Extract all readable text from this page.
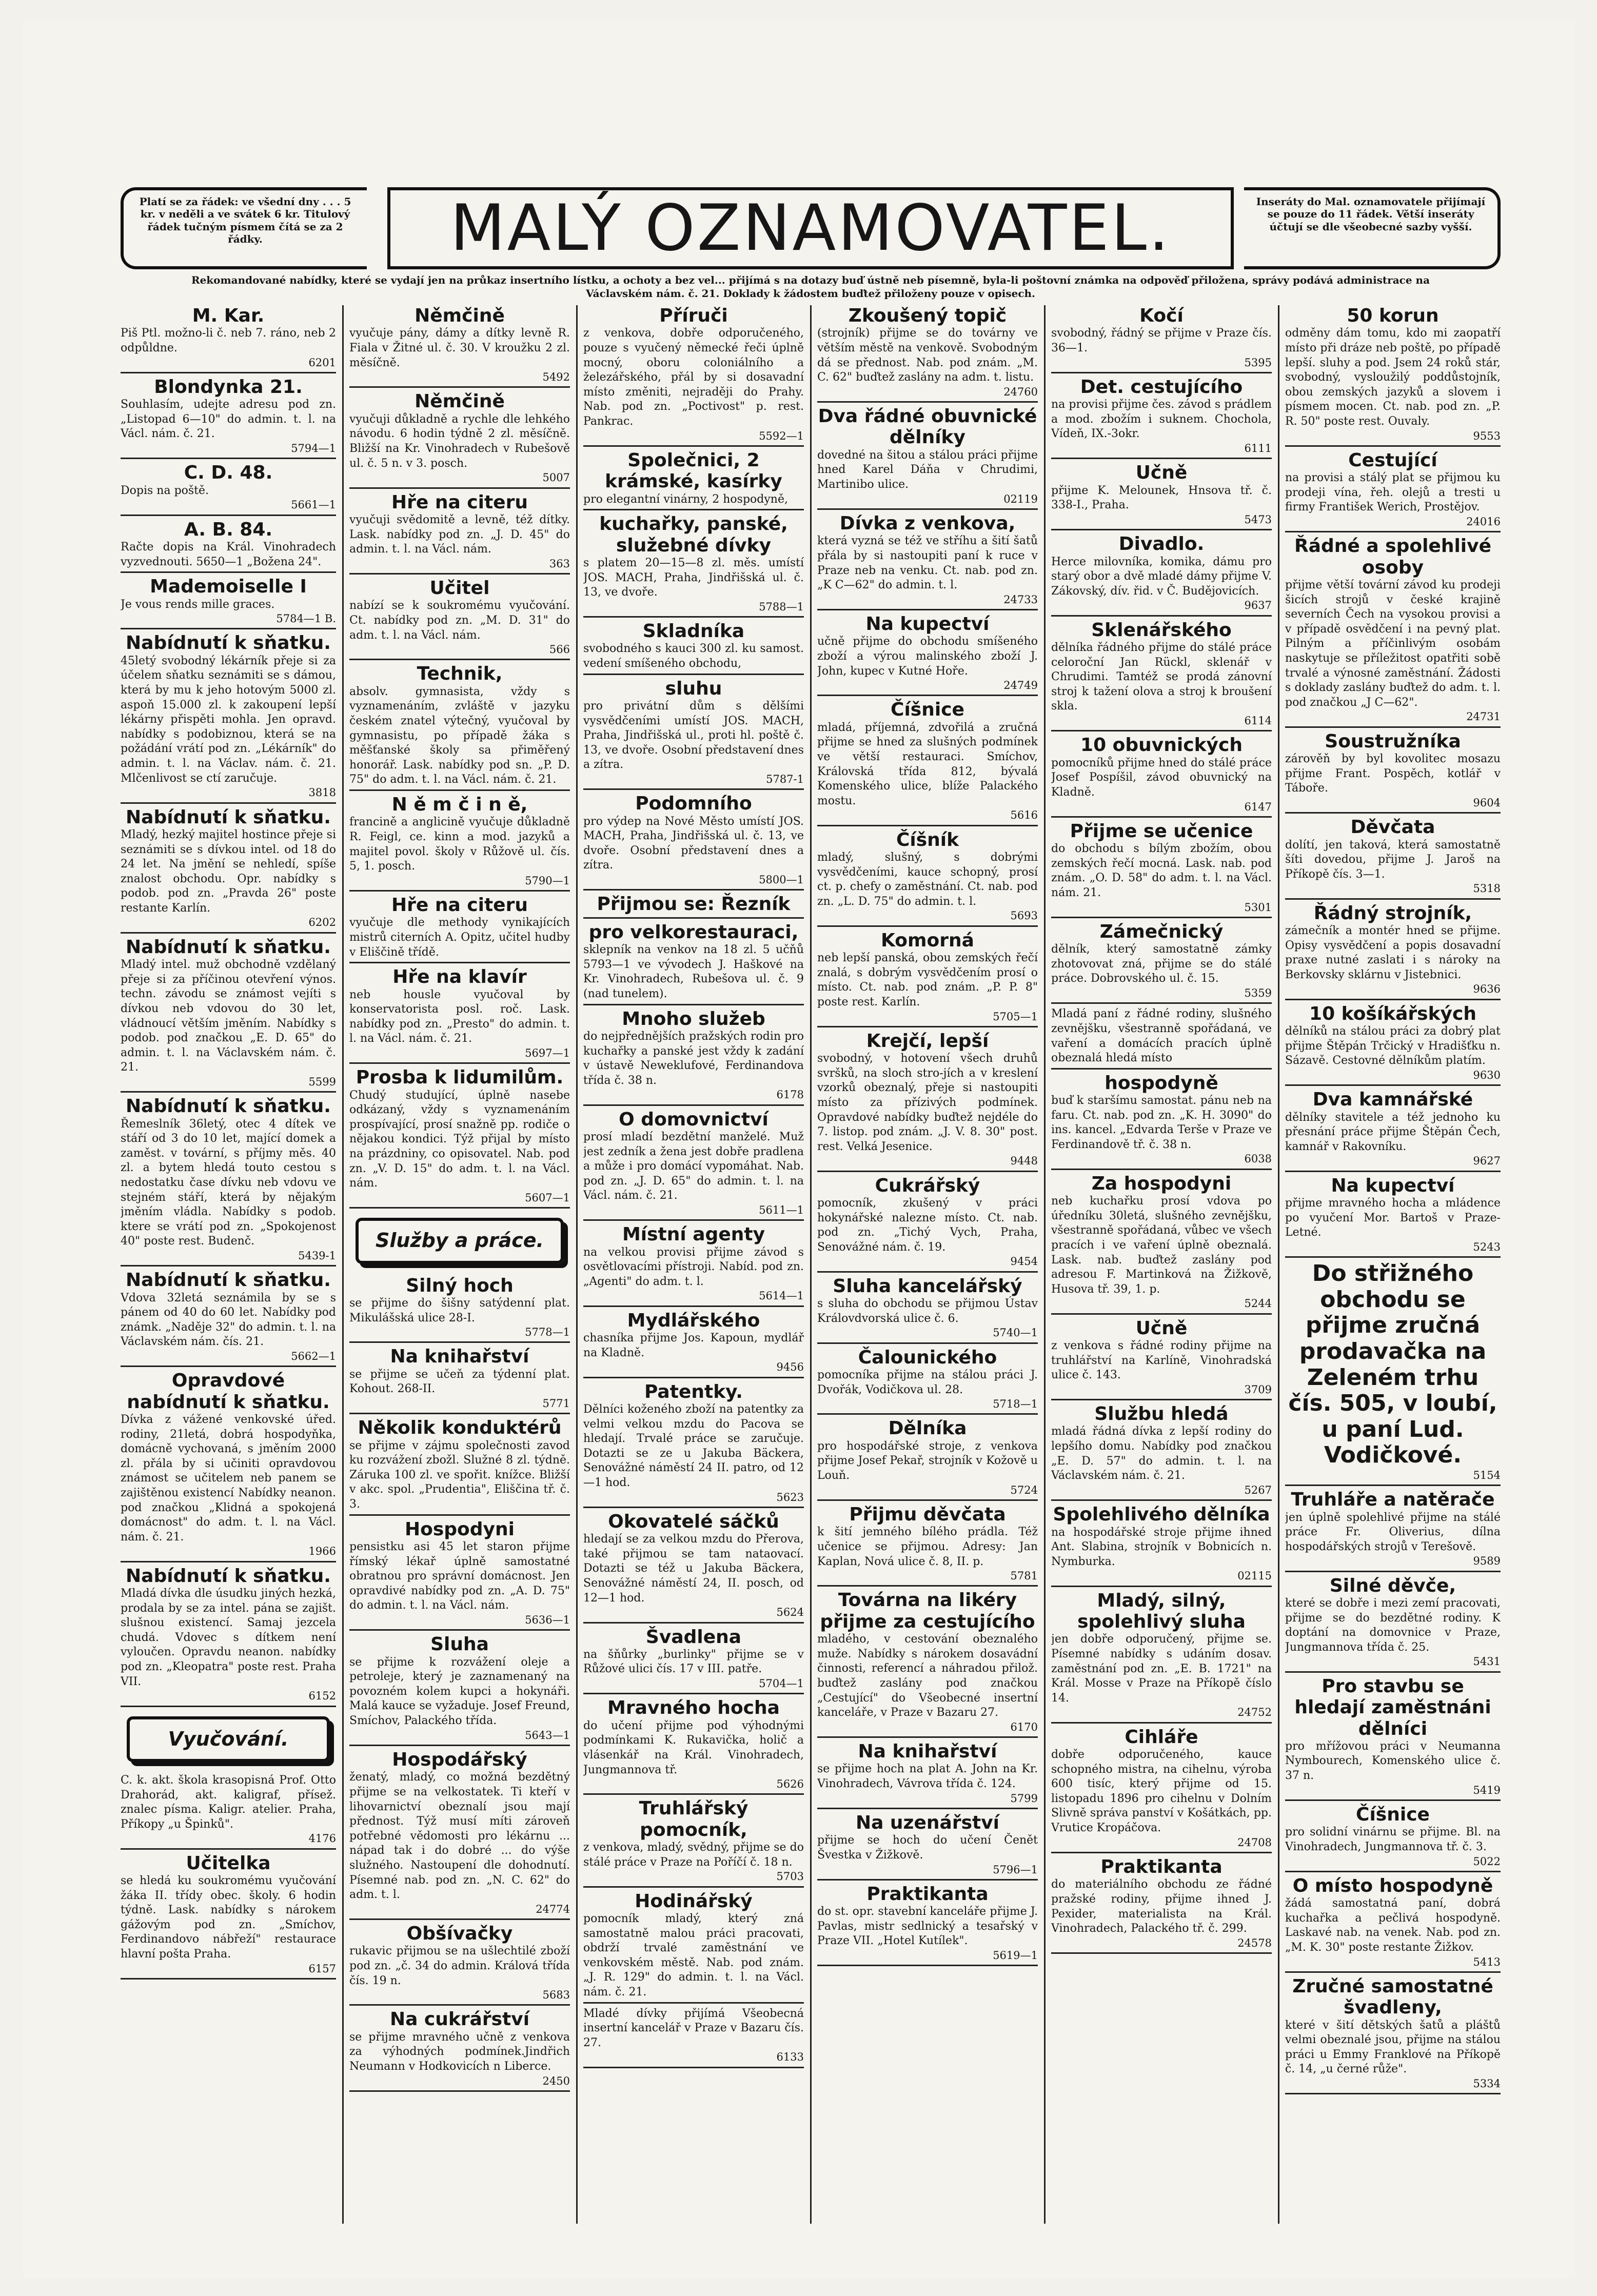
Platí se za řádek: ve všední dny . . . 5 kr. v neděli a ve svátek 6 kr. Titulový řádek tučným písmem čítá se za 2 řádky.	MALÝ OZNAMOVATEL.	Inseráty do Mal. oznamovatele přijímají se pouze do 11 řádek. Větší inseráty účtují se dle všeobecné sazby vyšší.
Rekomandované nabídky, které se vydají jen na průkaz insertního lístku, a ochoty a bez vel... přijímá s na dotazy buď ústně neb písemně, byla-li poštovní známka na odpověď přiložena, správy podává administrace na Václavském nám. č. 21. Doklady k žádostem buďtež přiloženy pouze v opisech.
M. Kar.

Piš Ptl. možno-li č. neb 7. ráno, neb 2 odpůldne.

6201
Blondynka 21.

Souhlasím, udejte adresu pod zn. „Listopad 6—10" do admin. t. l. na Václ. nám. č. 21.

5794—1
C. D. 48.

Dopis na poště.

5661—1
A. B. 84.

Račte dopis na Král. Vinohradech vyzvednouti. 5650—1 „Božena 24".

Mademoiselle I

Je vous rends mille graces.

5784—1 B.
Nabídnutí k sňatku.

45letý svobodný lékárník přeje si za účelem sňatku seznámiti se s dámou, která by mu k jeho hotovým 5000 zl. aspoň 15.000 zl. k zakoupení lepší lékárny přispěti mohla. Jen opravd. nabídky s podobiznou, která se na požádání vrátí pod zn. „Lékárník" do admin. t. l. na Václav. nám. č. 21. Mlčenlivost se ctí zaručuje.

3818
Nabídnutí k sňatku.

Mladý, hezký majitel hostince přeje si seznámiti se s dívkou intel. od 18 do 24 let. Na jmění se nehledí, spíše znalost obchodu. Opr. nabídky s podob. pod zn. „Pravda 26" poste restante Karlín.

6202
Nabídnutí k sňatku.

Mladý intel. muž obchodně vzdělaný přeje si za příčinou otevření výnos. techn. závodu se známost vejíti s dívkou neb vdovou do 30 let, vládnoucí větším jměním. Nabídky s podob. pod značkou „E. D. 65" do admin. t. l. na Václavském nám. č. 21.

5599
Nabídnutí k sňatku.

Řemeslník 36letý, otec 4 dítek ve stáří od 3 do 10 let, mající domek a zaměst. v tovární, s příjmy měs. 40 zl. a bytem hledá touto cestou s nedostatku čase dívku neb vdovu ve stejném stáří, která by nějakým jměním vládla. Nabídky s podob. ktere se vrátí pod zn. „Spokojenost 40" poste rest. Budenč.

5439-1
Nabídnutí k sňatku.

Vdova 32letá seznámila by se s pánem od 40 do 60 let. Nabídky pod známk. „Naděje 32" do admin. t. l. na Václavském nám. čís. 21.

5662—1
Opravdové nabídnutí k sňatku.

Dívka z vážené venkovské úřed. rodiny, 21letá, dobrá hospodyňka, domácně vychovaná, s jměním 2000 zl. přála by si učiniti opravdovou známost se učitelem neb panem se zajištěnou existencí Nabídky neanon. pod značkou „Klidná a spokojená domácnost" do adm. t. l. na Václ. nám. č. 21.

1966
Nabídnutí k sňatku.

Mladá dívka dle úsudku jiných hezká, prodala by se za intel. pána se zajišt. slušnou existencí. Samaj jezcela chudá. Vdovec s dítkem není vyloučen. Opravdu neanon. nabídky pod zn. „Kleopatra" poste rest. Praha VII.

6152
Vyučování.

C. k. akt. škola krasopisná Prof. Otto Drahorád, akt. kaligraf, přísež. znalec písma. Kaligr. atelier. Praha, Příkopy „u Špinků".

4176
Učitelka

se hledá ku soukromému vyučování žáka II. třídy obec. školy. 6 hodin týdně. Lask. nabídky s nárokem gážovým pod zn. „Smíchov, Ferdinandovo nábřeží" restaurace hlavní pošta Praha.

6157
Němčině

vyučuje pány, dámy a dítky levně R. Fiala v Žitné ul. č. 30. V kroužku 2 zl. měsíčně.

5492
Němčině

vyučuji důkladně a rychle dle lehkého návodu. 6 hodin týdně 2 zl. měsíčně. Bližší na Kr. Vinohradech v Rubešově ul. č. 5 n. v 3. posch.

5007
Hře na citeru

vyučuji svědomitě a levně, též dítky. Lask. nabídky pod zn. „J. D. 45" do admin. t. l. na Václ. nám.

363
Učitel

nabízí se k soukromému vyučování. Ct. nabídky pod zn. „M. D. 31" do adm. t. l. na Václ. nám.

566
Technik,

absolv. gymnasista, vždy s vyznamenáním, zvláště v jazyku českém znatel výtečný, vyučoval by gymnasistu, po případě žáka s měšťanské školy sa přiměřený honorář. Lask. nabídky pod sn. „P. D. 75" do adm. t. l. na Václ. nám. č. 21.

N ě m č i n ě,

francině a anglicině vyučuje důkladně R. Feigl, ce. kinn a mod. jazyků a majitel povol. školy v Růžově ul. čís. 5, 1. posch.

5790—1
Hře na citeru

vyučuje dle methody vynikajících mistrů citerních A. Opitz, učitel hudby v Eliščině třídě.

Hře na klavír

neb housle vyučoval by konservatorista posl. roč. Lask. nabídky pod zn. „Presto" do admin. t. l. na Václ. nám. č. 21.

5697—1
Prosba k lidumilům.

Chudý studující, úplně nasebe odkázaný, vždy s vyznamenáním prospívající, prosí snažně pp. rodiče o nějakou kondici. Týž přijal by místo na prázdniny, co opisovatel. Nab. pod zn. „V. D. 15" do adm. t. l. na Václ. nám.

5607—1
Služby a práce.
Silný hoch

se přijme do šišny satýdenní plat. Mikulášská ulice 28-I.

5778—1
Na knihařství

se přijme se učeň za týdenní plat. Kohout. 268-II.

5771
Několik konduktérů

se přijme v zájmu společnosti zavod ku rozvážení zbožl. Služné 8 zl. týdně. Záruka 100 zl. ve spořit. knížce. Bližší v akc. spol. „Prudentia", Eliščina tř. č. 3.

Hospodyni

pensistku asi 45 let staron přijme římský lékař úplně samostatné obratnou pro správní domácnost. Jen opravdivé nabídky pod zn. „A. D. 75" do admin. t. l. na Václ. nám.

5636—1
Sluha

se přijme k rozvážení oleje a petroleje, který je zaznamenaný na povozném kolem kupci a hokynáři. Malá kauce se vyžaduje. Josef Freund, Smíchov, Palackého třída.

5643—1
Hospodářský

ženatý, mladý, co možná bezdětný přijme se na velkostatek. Ti kteří v lihovarnictví obeznalí jsou mají přednost. Týž musí míti zároveň potřebné vědomosti pro lékárnu ... nápad tak i do dobré ... do výše služného. Nastoupení dle dohodnutí. Písemné nab. pod zn. „N. C. 62" do adm. t. l.

24774
Obšívačky

rukavic přijmou se na ušlechtilé zboží pod zn. „č. 34 do admin. Králová třída čís. 19 n.

5683
Na cukrářství

se přijme mravného učně z venkova za výhodných podmínek.Jindřich Neumann v Hodkovicích n Liberce.

2450
Příruči

z venkova, dobře odporučeného, pouze s vyučený německé řeči úplně mocný, oboru coloniálního a železářského, přál by si dosavadní místo změniti, nejraději do Prahy. Nab. pod zn. „Poctivost" p. rest. Pankrac.

5592—1
Společnici, 2 krámské, kasírky

pro elegantní vinárny, 2 hospodyně,

kuchařky, panské, služebné dívky

s platem 20—15—8 zl. měs. umístí JOS. MACH, Praha, Jindřišská ul. č. 13, ve dvoře.

5788—1
Skladníka

svobodného s kauci 300 zl. ku samost. vedení smíšeného obchodu,

sluhu

pro privátní dům s dělšími vysvědčeními umístí JOS. MACH, Praha, Jindřišská ul., proti hl. poště č. 13, ve dvoře. Osobní představení dnes a zítra.

5787-1
Podomního

pro výdep na Nové Město umístí JOS. MACH, Praha, Jindřišská ul. č. 13, ve dvoře. Osobní představení dnes a zítra.

5800—1
Přijmou se: Řezník
pro velkorestauraci,

sklepník na venkov na 18 zl. 5 učňů 5793—1 ve vývodech J. Haškové na Kr. Vinohradech, Rubešova ul. č. 9 (nad tunelem).

Mnoho služeb

do nejpřednějších pražských rodin pro kuchařky a panské jest vždy k zadání v ústavě Neweklufové, Ferdinandova třída č. 38 n.

6178
O domovnictví

prosí mladí bezdětní manželé. Muž jest zedník a žena jest dobře pradlena a může i pro domácí vypomáhat. Nab. pod zn. „J. D. 65" do admin. t. l. na Václ. nám. č. 21.

5611—1
Místní agenty

na velkou provisi přijme závod s osvětlovacími přístroji. Nabíd. pod zn. „Agenti" do adm. t. l.

5614—1
Mydlářského

chasníka přijme Jos. Kapoun, mydlář na Kladně.

9456
Patentky.

Dělníci koženého zboží na patentky za velmi velkou mzdu do Pacova se hledají. Trvalé práce se zaručuje. Dotazti se ze u Jakuba Bäckera, Senovážné náměstí 24 II. patro, od 12—1 hod.

5623
Okovatelé sáčků

hledají se za velkou mzdu do Přerova, také přijmou se tam nataovací. Dotazti se též u Jakuba Bäckera, Senovážné náměstí 24, II. posch, od 12—1 hod.

5624
Švadlena

na šňůrky „burlinky" přijme se v Růžové ulici čís. 17 v III. patře.

5704—1
Mravného hocha

do učení přijme pod výhodnými podmínkami K. Rukavička, holič a vlásenkář na Král. Vinohradech, Jungmannova tř.

5626
Truhlářský pomocník,

z venkova, mladý, svědný, přijme se do stálé práce v Praze na Poříčí č. 18 n.

5703
Hodinářský

pomocník mladý, který zná samostatně malou práci pracovati, obdrží trvalé zaměstnání ve venkovském městě. Nab. pod znám. „J. R. 129" do admin. t. l. na Václ. nám. č. 21.

Mladé dívky přijímá Všeobecná insertní kancelář v Praze v Bazaru čís. 27.

6133
Zkoušený topič

(strojník) přijme se do továrny ve větším městě na venkově. Svobodným dá se přednost. Nab. pod znám. „M. C. 62" buďtež zaslány na adm. t. listu.

24760
Dva řádné obuvnické dělníky

dovedné na šitou a stálou práci přijme hned Karel Dáňa v Chrudimi, Martinibo ulice.

02119
Dívka z venkova,

která vyzná se též ve stříhu a šití šatů přála by si nastoupiti paní k ruce v Praze neb na venku. Ct. nab. pod zn. „K C—62" do admin. t. l.

24733
Na kupectví

učně přijme do obchodu smíšeného zboží a výrou malinského zboží J. John, kupec v Kutné Hoře.

24749
Číšnice

mladá, příjemná, zdvořilá a zručná přijme se hned za slušných podmínek ve větší restauraci. Smíchov, Královská třída 812, bývalá Komenského ulice, blíže Palackého mostu.

5616
Číšník

mladý, slušný, s dobrými vysvědčeními, kauce schopný, prosí ct. p. chefy o zaměstnání. Ct. nab. pod zn. „L. D. 75" do admin. t. l.

5693
Komorná

neb lepší panská, obou zemských řečí znalá, s dobrým vysvědčením prosí o místo. Ct. nab. pod znám. „P. P. 8" poste rest. Karlín.

5705—1
Krejčí, lepší

svobodný, v hotovení všech druhů svršků, na sloch stro-jích a v kreslení vzorků obeznalý, přeje si nastoupiti místo za přízivých podmínek. Opravdové nabídky buďtež nejdéle do 7. listop. pod znám. „J. V. 8. 30" post. rest. Velká Jesenice.

9448
Cukrářský

pomocník, zkušený v práci hokynářské nalezne místo. Ct. nab. pod zn. „Tichý Vych, Praha, Senovážné nám. č. 19.

9454
Sluha kancelářský

s sluha do obchodu se přijmou Ústav Královdvorská ulice č. 6.

5740—1
Čalounického

pomocníka přijme na stálou práci J. Dvořák, Vodičkova ul. 28.

5718—1
Dělníka

pro hospodářské stroje, z venkova přijme Josef Pekař, strojník v Kožově u Louň.

5724
Přijmu děvčata

k šití jemného bílého prádla. Též učenice se přijmou. Adresy: Jan Kaplan, Nová ulice č. 8, II. p.

5781
Továrna na likéry přijme za cestujícího

mladého, v cestování obeznalého muže. Nabídky s nárokem dosavádní činnosti, referencí a náhradou přilož. buďtež zaslány pod značkou „Cestující" do Všeobecné insertní kanceláře, v Praze v Bazaru 27.

6170
Na knihařství

se přijme hoch na plat A. John na Kr. Vinohradech, Vávrova třída č. 124.

5799
Na uzenářství

přijme se hoch do učení Čenět Švestka v Žižkově.

5796—1
Praktikanta

do st. opr. stavební kanceláře přijme J. Pavlas, mistr sedlnický a tesařský v Praze VII. „Hotel Kutílek".

5619—1
Kočí

svobodný, řádný se přijme v Praze čís. 36—1.

5395
Det. cestujícího

na provisi přijme čes. závod s prádlem a mod. zbožím i suknem. Chochola, Vídeň, IX.-3okr.

6111
Učně

přijme K. Melounek, Hnsova tř. č. 338-I., Praha.

5473
Divadlo.

Herce milovníka, komika, dámu pro starý obor a dvě mladé dámy přijme V. Zákovský, dív. řid. v Č. Budějovicích.

9637
Sklenářského

dělníka řádného přijme do stálé práce celoroční Jan Rückl, sklenář v Chrudimi. Tamtéž se prodá zánovní stroj k tažení olova a stroj k broušení skla.

6114
10 obuvnických

pomocníků přijme hned do stálé práce Josef Pospíšil, závod obuvnický na Kladně.

6147
Přijme se učenice

do obchodu s bílým zbožím, obou zemských řečí mocná. Lask. nab. pod znám. „O. D. 58" do adm. t. l. na Václ. nám. 21.

5301
Zámečnický

dělník, který samostatně zámky zhotovovat zná, přijme se do stálé práce. Dobrovského ul. č. 15.

5359

Mladá paní z řádné rodiny, slušného zevnějšku, všestranně spořádaná, ve vaření a domácích pracích úplně obeznalá hledá místo

hospodyně

buď k staršímu samostat. pánu neb na faru. Ct. nab. pod zn. „K. H. 3090" do ins. kancel. „Edvarda Terše v Praze ve Ferdinandově tř. č. 38 n.

6038
Za hospodyni

neb kuchařku prosí vdova po úředníku 30letá, slušného zevnějšku, všestranně spořádaná, vůbec ve všech pracích i ve vaření úplně obeznalá. Lask. nab. buďtež zaslány pod adresou F. Martinková na Žižkově, Husova tř. 39, 1. p.

5244
Učně

z venkova s řádné rodiny přijme na truhlářství na Karlíně, Vinohradská ulice č. 143.

3709
Službu hledá

mladá řádná dívka z lepší rodiny do lepšího domu. Nabídky pod značkou „E. D. 57" do admin. t. l. na Václavském nám. č. 21.

5267
Spolehlivého dělníka

na hospodářské stroje přijme ihned Ant. Slabina, strojník v Bobnicích n. Nymburka.

02115
Mladý, silný, spolehlivý sluha

jen dobře odporučený, přijme se. Písemné nabídky s udáním dosav. zaměstnání pod zn. „E. B. 1721" na Král. Mosse v Praze na Příkopě číslo 14.

24752
Cihláře

dobře odporučeného, kauce schopného mistra, na cihelnu, výroba 600 tisíc, který přijme od 15. listopadu 1896 pro cihelnu v Dolním Slivně správa panství v Košátkách, pp. Vrutice Kropáčova.

24708
Praktikanta

do materiálního obchodu ze řádné pražské rodiny, přijme ihned J. Pexider, materialista na Král. Vinohradech, Palackého tř. č. 299.

24578
50 korun

odměny dám tomu, kdo mi zaopatří místo při dráze neb poště, po případě lepší. sluhy a pod. Jsem 24 roků stár, svobodný, vysloužilý poddůstojník, obou zemských jazyků a slovem i písmem mocen. Ct. nab. pod zn. „P. R. 50" poste rest. Ouvaly.

9553
Cestující

na provisi a stálý plat se přijmou ku prodeji vína, řeh. olejů a tresti u firmy František Werich, Prostějov.

24016
Řádné a spolehlivé osoby

přijme větší tovární závod ku prodeji šicích strojů v české krajině severních Čech na vysokou provisi a v případě osvědčení i na pevný plat. Pilným a příčinlivým osobám naskytuje se příležitost opatřiti sobě trvalé a výnosné zaměstnání. Žádosti s doklady zaslány buďtež do adm. t. l. pod značkou „J C—62".

24731
Soustružníka

zárověň by byl kovolitec mosazu přijme Frant. Pospěch, kotlář v Táboře.

9604
Děvčata

dolítí, jen taková, která samostatně šíti dovedou, přijme J. Jaroš na Příkopě čís. 3—1.

5318
Řádný strojník,

zámečník a montér hned se přijme. Opisy vysvědčení a popis dosavadní praxe nutné zaslati i s nároky na Berkovsky sklárnu v Jistebnici.

9636
10 košíkářských

dělníků na stálou práci za dobrý plat přijme Štěpán Trčický v Hradišťku n. Sázavě. Cestovné dělníkům platím.

9630
Dva kamnářské

dělníky stavitele a též jednoho ku přesnání práce přijme Štěpán Čech, kamnář v Rakovníku.

9627
Na kupectví

přijme mravného hocha a mládence po vyučení Mor. Bartoš v Praze-Letné.

5243
Do střižného obchodu se přijme zručná prodavačka na Zeleném trhu čís. 505, v loubí, u paní Lud. Vodičkové.
5154
Truhláře a natěrače

jen úplně spolehlivé přijme na stálé práce Fr. Oliverius, dílna hospodářských strojů v Terešově.

9589
Silné děvče,

které se dobře i mezi zemí pracovati, přijme se do bezdětné rodiny. K doptání na domovnice v Praze, Jungmannova třída č. 25.

5431
Pro stavbu se hledají zaměstnáni dělníci

pro mřížovou práci v Neumanna Nymbourech, Komenského ulice č. 37 n.

5419
Číšnice

pro solidní vinárnu se přijme. Bl. na Vinohradech, Jungmannova tř. č. 3.

5022
O místo hospodyně

žádá samostatná paní, dobrá kuchařka a pečlivá hospodyně. Laskavé nab. na venek. Nab. pod zn. „M. K. 30" poste restante Žižkov.

5413
Zručné samostatné švadleny,

které v šití dětských šatů a pláštů velmi obeznalé jsou, přijme na stálou práci u Emmy Franklové na Příkopě č. 14, „u černé růže".

5334
